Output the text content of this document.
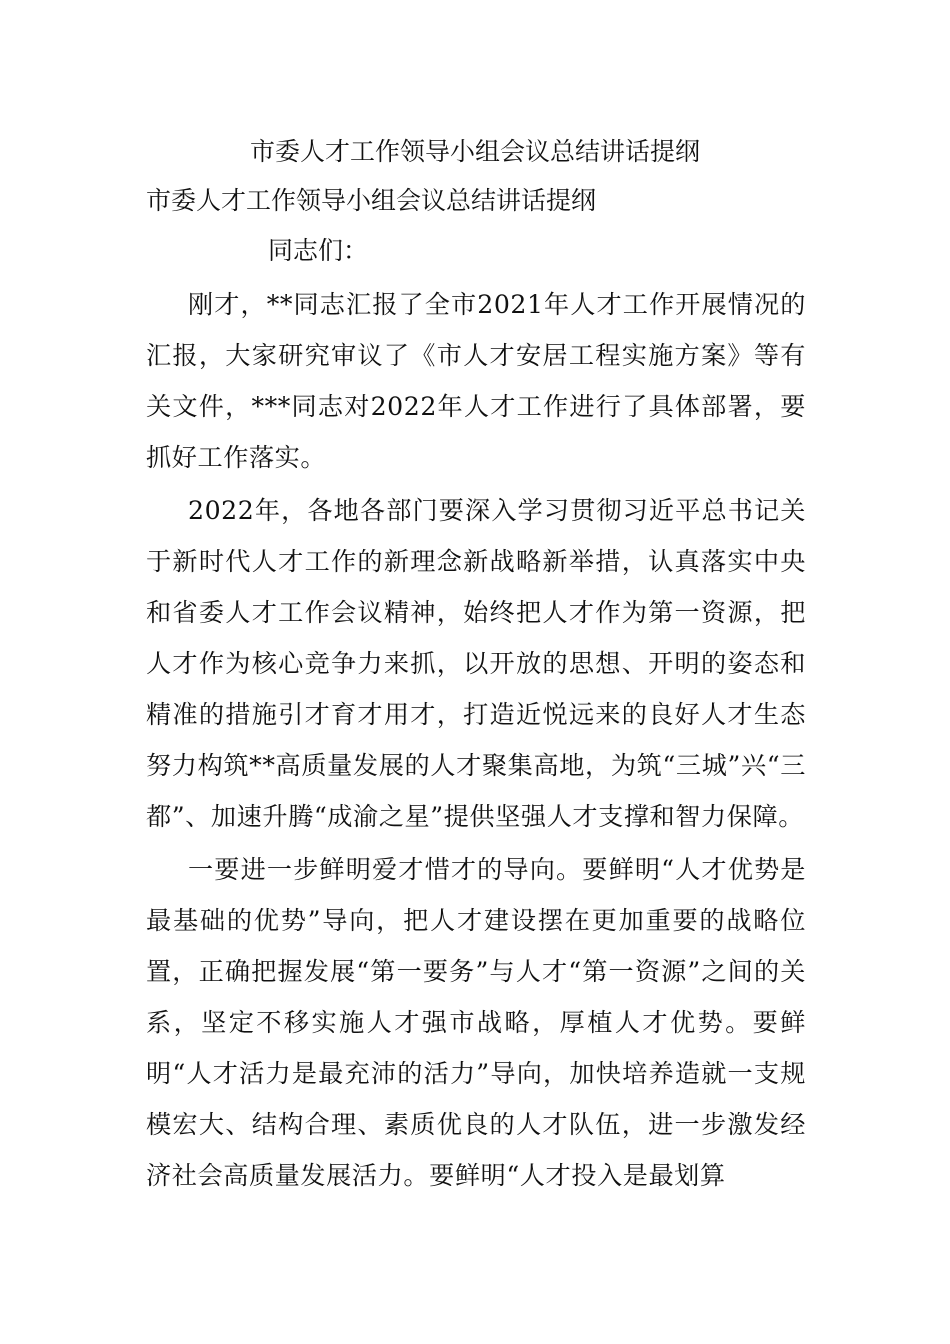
市委人才工作领导小组会议总结讲话提纲
市委人才工作领导小组会议总结讲话提纲

同志们：

刚才，**同志汇报了全市2021年人才工作开展情况的汇报，大家研究审议了《市人才安居工程实施方案》等有关文件，***同志对2022年人才工作进行了具体部署，要抓好工作落实。

2022年，各地各部门要深入学习贯彻习近平总书记关于新时代人才工作的新理念新战略新举措，认真落实中央和省委人才工作会议精神，始终把人才作为第一资源，把人才作为核心竞争力来抓，以开放的思想、开明的姿态和精准的措施引才育才用才，打造近悦远来的良好人才生态努力构筑**高质量发展的人才聚集高地，为筑“三城”兴“三都”、加速升腾“成渝之星”提供坚强人才支撑和智力保障。

一要进一步鲜明爱才惜才的导向。要鲜明“人才优势是最基础的优势”导向，把人才建设摆在更加重要的战略位置，正确把握发展“第一要务”与人才“第一资源”之间的关系，坚定不移实施人才强市战略，厚植人才优势。要鲜明“人才活力是最充沛的活力”导向，加快培养造就一支规模宏大、结构合理、素质优良的人才队伍，进一步激发经济社会高质量发展活力。要鲜明“人才投入是最划算
